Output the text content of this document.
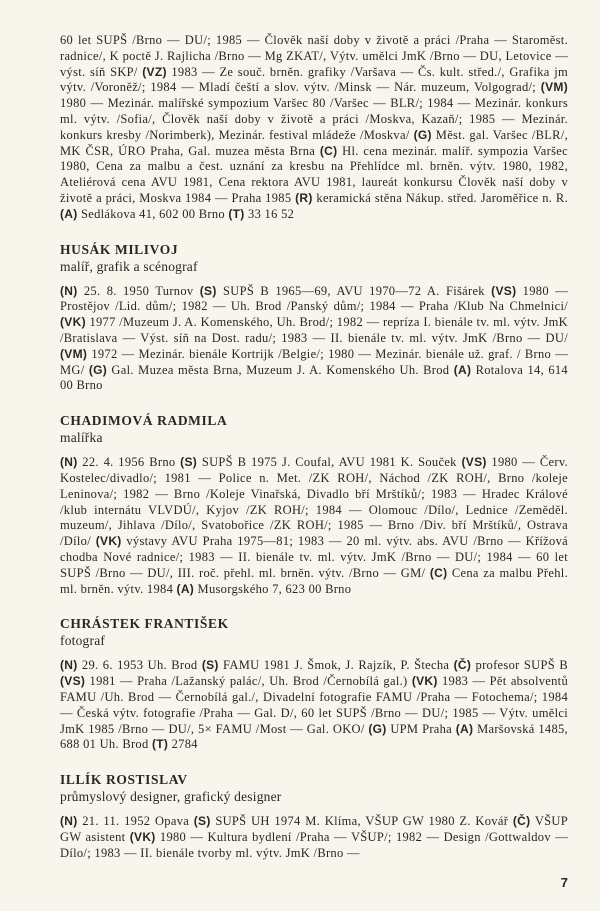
60 let SUPŠ /Brno — DU/; 1985 — Člověk naší doby v životě a práci /Praha — Staroměst. radnice/, K poctě J. Rajlicha /Brno — Mg ZKAT/, Výtv. umělci JmK /Brno — DU, Letovice — výst. síň SKP/ (VZ) 1983 — Ze souč. brněn. grafiky /Varšava — Čs. kult. střed./, Grafika jm výtv. /Voroněž/; 1984 — Mladí čeští a slov. výtv. /Minsk — Nár. muzeum, Volgograd/; (VM) 1980 — Mezinár. malířské sympozium Varšec 80 /Varšec — BLR/; 1984 — Mezinár. konkurs ml. výtv. /Sofia/, Člověk naší doby v životě a práci /Moskva, Kazaň/; 1985 — Mezinár. konkurs kresby /Norimberk), Mezinár. festival mládeže /Moskva/ (G) Měst. gal. Varšec /BLR/, MK ČSR, ÚRO Praha, Gal. muzea města Brna (C) Hl. cena mezinár. malíř. sympozia Varšec 1980, Cena za malbu a čest. uznání za kresbu na Přehlídce ml. brněn. výtv. 1980, 1982, Ateliérová cena AVU 1981, Cena rektora AVU 1981, laureát konkursu Člověk naší doby v životě a práci, Moskva 1984 — Praha 1985 (R) keramická stěna Nákup. střed. Jaroměřice n. R. (A) Sedlákova 41, 602 00 Brno (T) 33 16 52

HUSÁK MILIVOJ
malíř, grafik a scénograf

(N) 25. 8. 1950 Turnov (S) SUPŠ B 1965—69, AVU 1970—72 A. Fišárek (VS) 1980 — Prostějov /Lid. dům/; 1982 — Uh. Brod /Panský dům/; 1984 — Praha /Klub Na Chmelnici/ (VK) 1977 /Muzeum J. A. Komenského, Uh. Brod/; 1982 — repríza I. bienále tv. ml. výtv. JmK /Bratislava — Výst. síň na Dost. radu/; 1983 — II. bienále tv. ml. výtv. JmK /Brno — DU/ (VM) 1972 — Mezinár. bienále Kortrijk /Belgie/; 1980 — Mezinár. bienále už. graf. / Brno — MG/ (G) Gal. Muzea města Brna, Muzeum J. A. Komenského Uh. Brod (A) Rotalova 14, 614 00 Brno

CHADIMOVÁ RADMILA
malířka

(N) 22. 4. 1956 Brno (S) SUPŠ B 1975 J. Coufal, AVU 1981 K. Souček (VS) 1980 — Červ. Kostelec/divadlo/; 1981 — Police n. Met. /ZK ROH/, Náchod /ZK ROH/, Brno /koleje Leninova/; 1982 — Brno /Koleje Vinařská, Divadlo bří Mrštíků/; 1983 — Hradec Králové /klub internátu VLVDÚ/, Kyjov /ZK ROH/; 1984 — Olomouc /Dílo/, Lednice /Zeměděl. muzeum/, Jihlava /Dílo/, Svatobořice /ZK ROH/; 1985 — Brno /Div. bří Mrštíků/, Ostrava /Dílo/ (VK) výstavy AVU Praha 1975—81; 1983 — 20 ml. výtv. abs. AVU /Brno — Křížová chodba Nové radnice/; 1983 — II. bienále tv. ml. výtv. JmK /Brno — DU/; 1984 — 60 let SUPŠ /Brno — DU/, III. roč. přehl. ml. brněn. výtv. /Brno — GM/ (C) Cena za malbu Přehl. ml. brněn. výtv. 1984 (A) Musorgského 7, 623 00 Brno

CHRÁSTEK FRANTIŠEK
fotograf

(N) 29. 6. 1953 Uh. Brod (S) FAMU 1981 J. Šmok, J. Rajzík, P. Štecha (Č) profesor SUPŠ B (VS) 1981 — Praha /Lažanský palác/, Uh. Brod /Černobílá gal.) (VK) 1983 — Pět absolventů FAMU /Uh. Brod — Černobílá gal./, Divadelní fotografie FAMU /Praha — Fotochema/; 1984 — Česká výtv. fotografie /Praha — Gal. D/, 60 let SUPŠ /Brno — DU/; 1985 — Výtv. umělci JmK 1985 /Brno — DU/, 5× FAMU /Most — Gal. OKO/ (G) UPM Praha (A) Maršovská 1485, 688 01 Uh. Brod (T) 2784

ILLÍK ROSTISLAV
průmyslový designer, grafický designer

(N) 21. 11. 1952 Opava (S) SUPŠ UH 1974 M. Klíma, VŠUP GW 1980 Z. Kovář (Č) VŠUP GW asistent (VK) 1980 — Kultura bydlení /Praha — VŠUP/; 1982 — Design /Gottwaldov — Dílo/; 1983 — II. bienále tvorby ml. výtv. JmK /Brno —

7
